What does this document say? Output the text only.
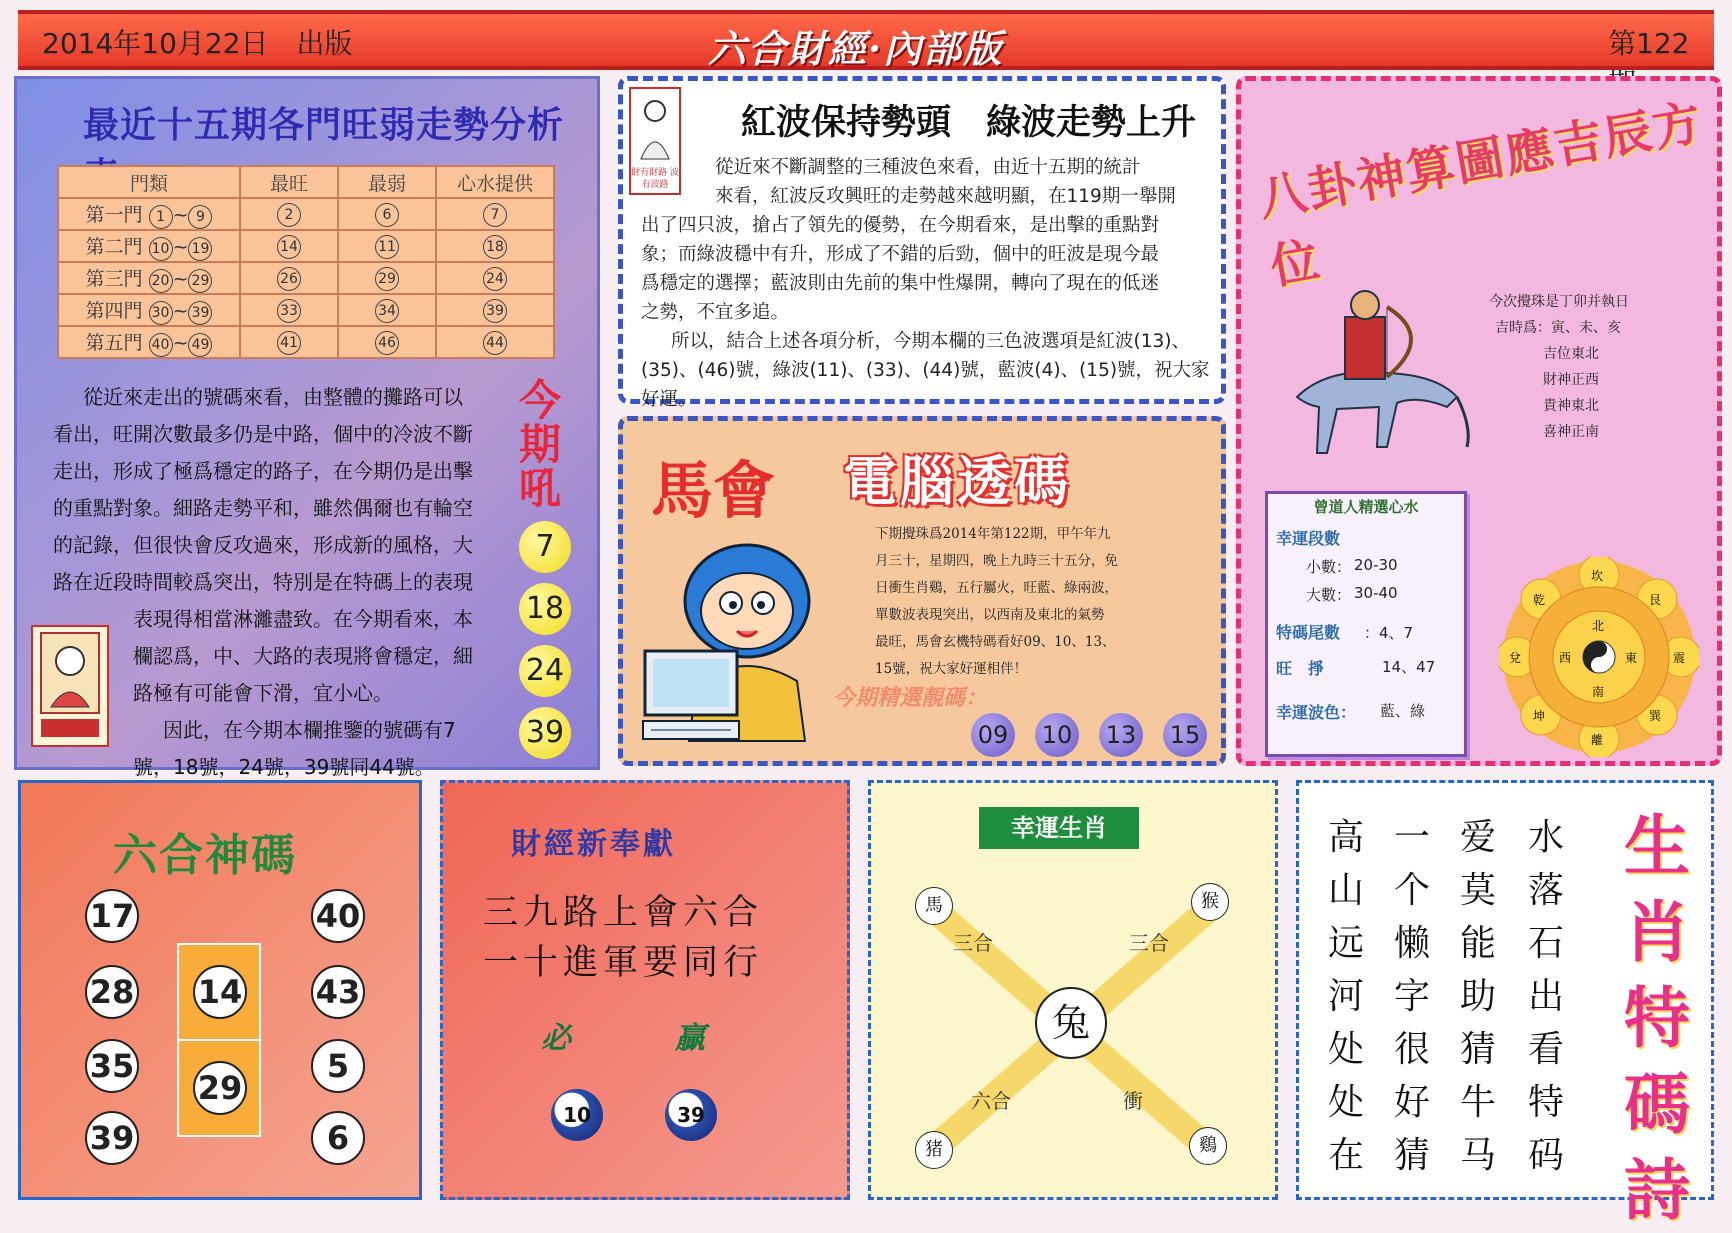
2014年10月22日　出版	六合財經·內部版	第122
最近十五期各門旺弱走勢分析
門類	最旺	最弱	心水提供
第一門 1 ~ 9	2	6	7
第二門 10 ~ 19	14	11	18
第三門 20 ~ 29	26	29	24
第四門 30 ~ 39	33	34	39
第五門 40 ~ 49	41	46	44
從近來走出的號碼來看，由整體的攤路可以
看出，旺開次數最多仍是中路，個中的冷波不斷
走出，形成了極爲穩定的路子，在今期仍是出擊
的重點對象。細路走勢平和，雖然偶爾也有輪空
的記錄，但很快會反攻過來，形成新的風格，大
路在近段時間較爲突出，特別是在特碼上的表現
表現得相當淋灕盡致。在今期看來，本
欄認爲，中、大路的表現將會穩定，細
路極有可能會下滑，宜小心。
因此，在今期本欄推鑒的號碼有7
號，18號，24號，39號同44號。
今期吼
7
18
24
39
財有財路 波有波路
紅波保持勢頭　綠波走勢上升
從近來不斷調整的三種波色來看，由近十五期的統計
來看，紅波反攻興旺的走勢越來越明顯，在119期一舉開
出了四只波，搶占了領先的優勢，在今期看來，是出擊的重點對
象；而綠波穩中有升，形成了不錯的后勁，個中的旺波是現今最
爲穩定的選擇；藍波則由先前的集中性爆開，轉向了現在的低迷
之勢，不宜多追。
所以，結合上述各項分析，今期本欄的三色波選項是紅波(13)、
(35)、(46)號，綠波(11)、(33)、(44)號，藍波(4)、(15)號，祝大家好運。
馬會 電腦透碼
下期攪珠爲2014年第122期，甲午年九
月三十，星期四，晚上九時三十五分，免
日衝生肖鷄，五行屬火，旺藍、綠兩波，
單數波表現突出，以西南及東北的氣勢
最旺，馬會玄機特碼看好09、10、13、
15號，祝大家好運相伴！
今期精選靚碼：
09 10 13 15
八卦神算圖應吉辰方位
今次攪珠是丁卯并執日
吉時爲：寅、未、亥
吉位東北
財神正西
貴神東北
喜神正南
曾道人精選心水
幸運段數
小數： 20-30
大數： 30-40
特碼尾數 ：4、7
旺　掙	14、47
幸運波色： 藍、綠
坎
艮
震
巽
離
坤
兌
乾
北
東
南
西
六合神碼
17
28
35
39
14
29
40
43
5
6
財經新奉獻
三九路上會六合
一十進軍要同行
必	贏
10	39
幸運生肖
兔
馬	猴
猪	鷄
三合	三合
六合	衝
高山远河处处在
一个懒字很好猜
爱莫能助猜牛马
水落石出看特码
生肖特碼詩
